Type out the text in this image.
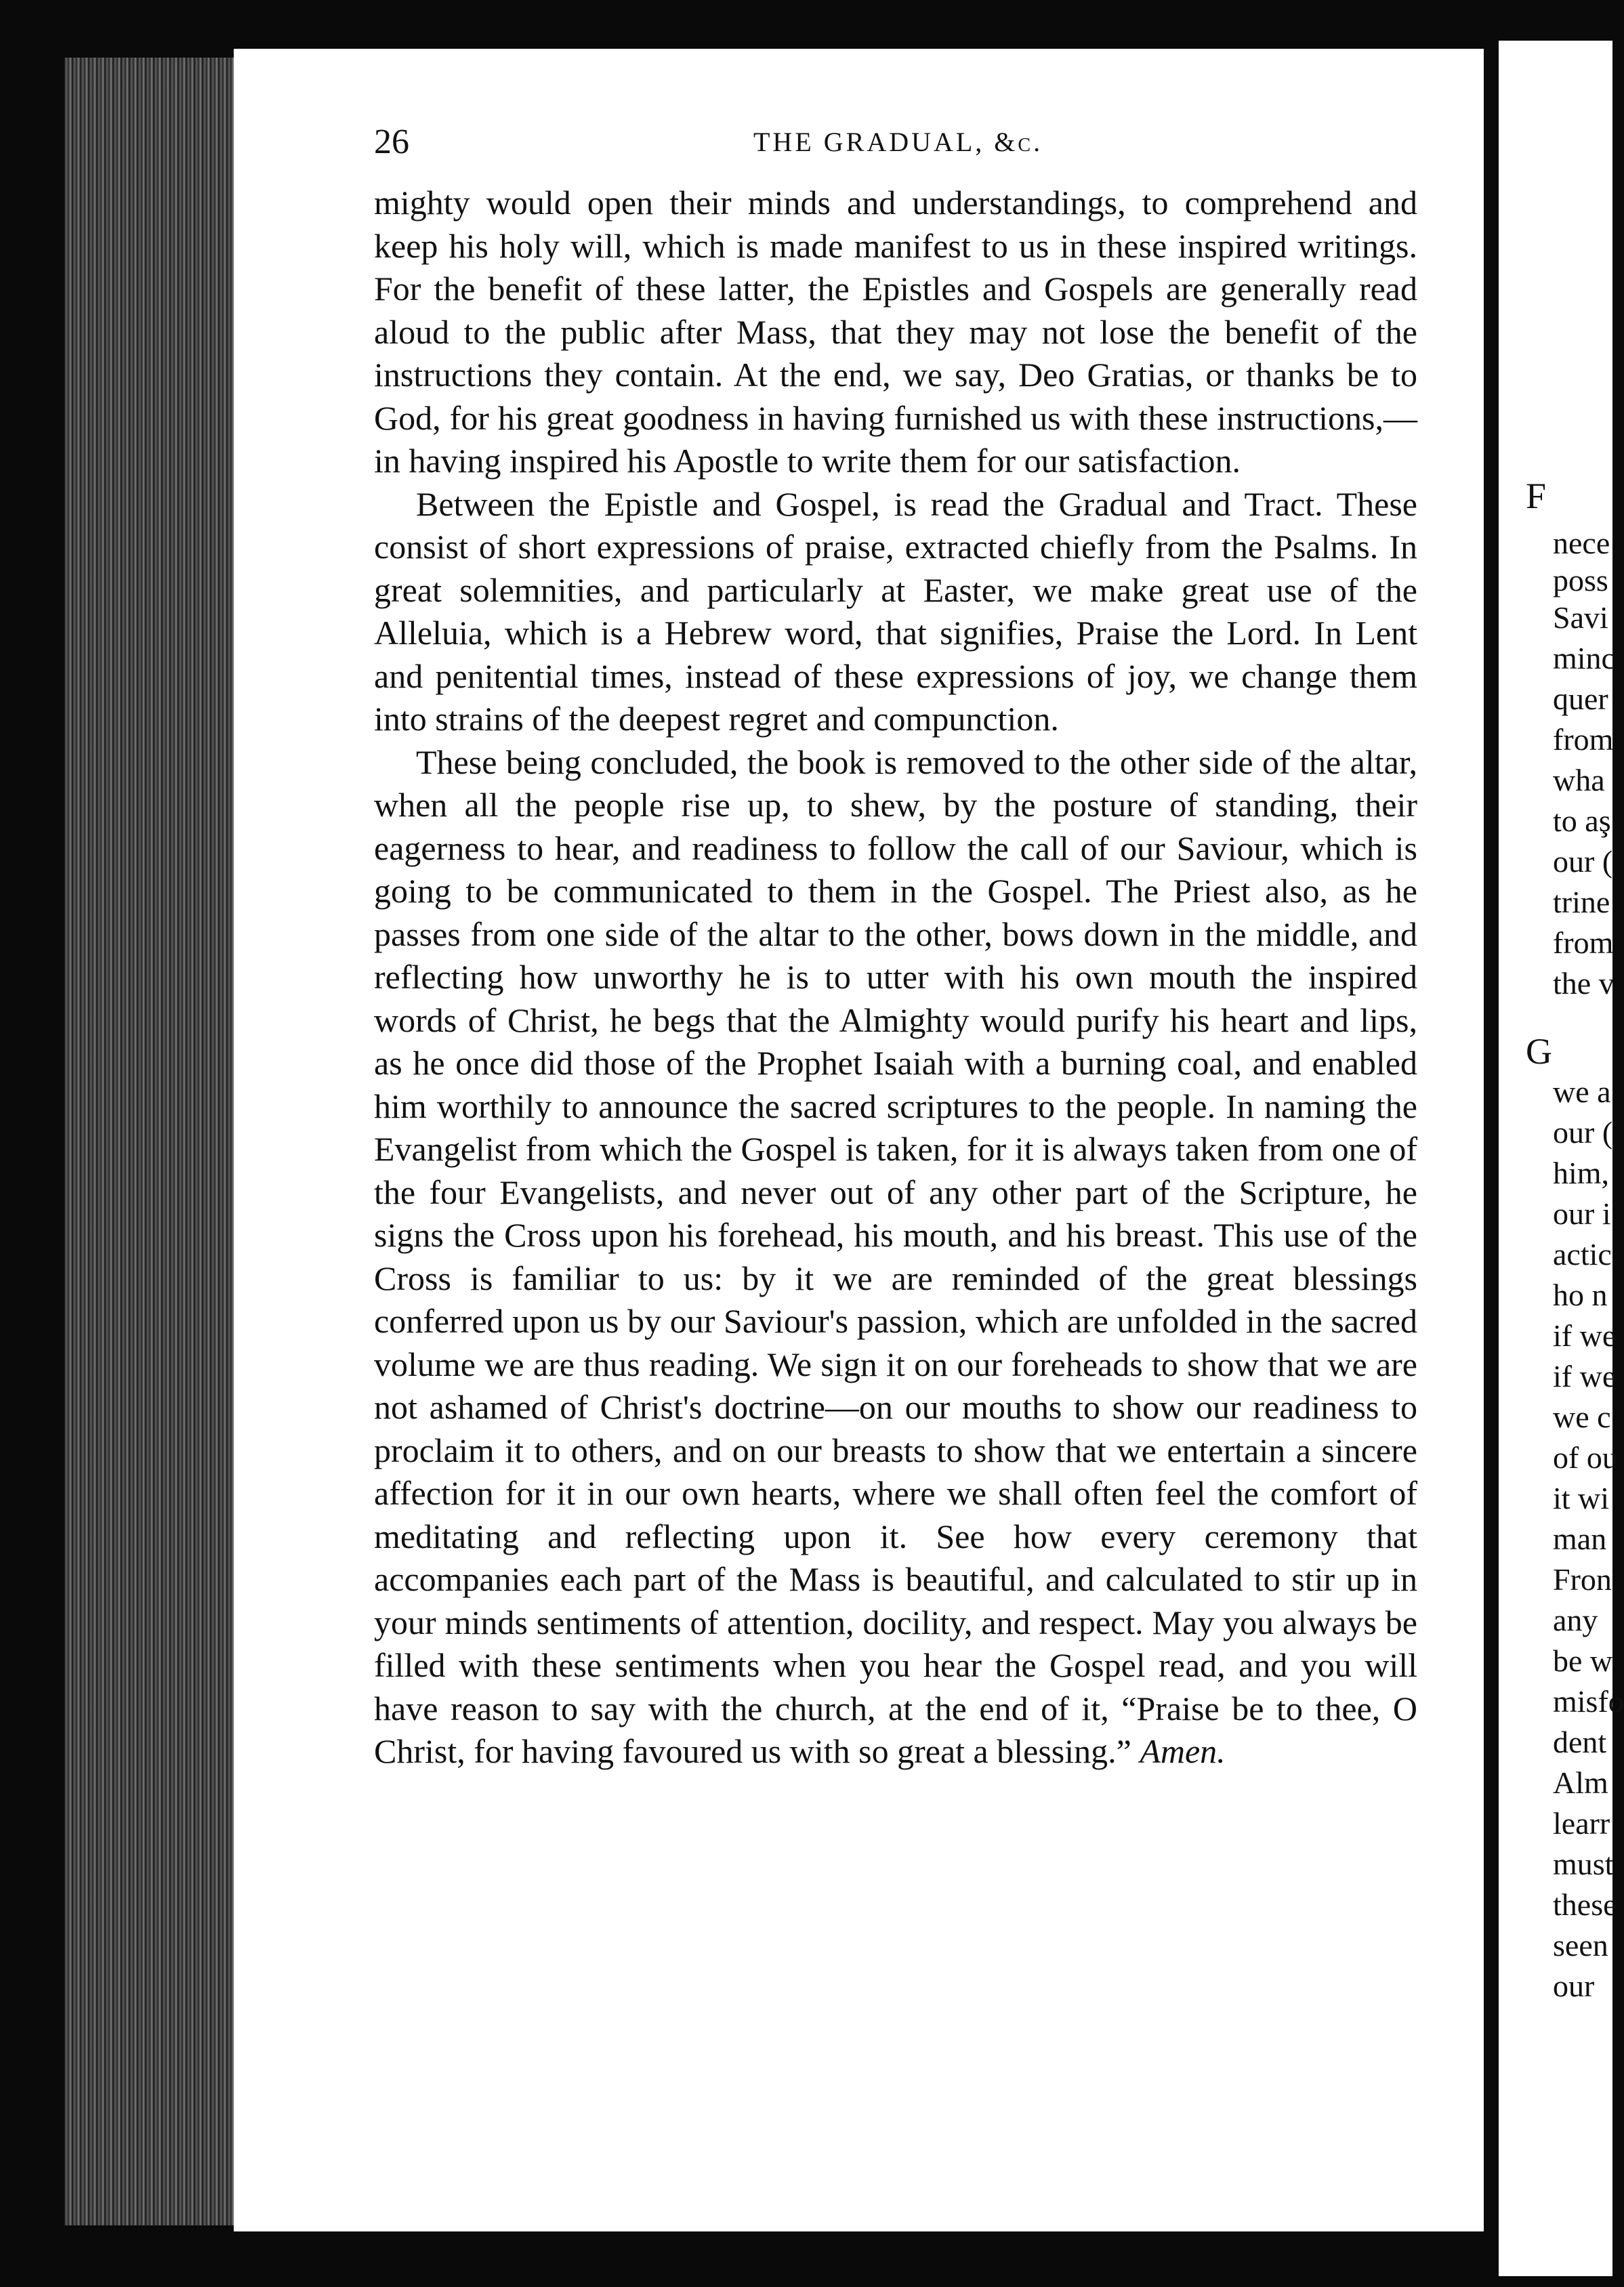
26	THE GRADUAL, &c.

mighty would open their minds and understandings, to comprehend and keep his holy will, which is made manifest to us in these inspired writings. For the benefit of these latter, the Epistles and Gospels are generally read aloud to the public after Mass, that they may not lose the benefit of the instructions they contain. At the end, we say, Deo Gratias, or thanks be to God, for his great goodness in having furnished us with these instructions,—in having inspired his Apostle to write them for our satisfaction.

Between the Epistle and Gospel, is read the Gradual and Tract. These consist of short expressions of praise, extracted chiefly from the Psalms. In great solemnities, and particularly at Easter, we make great use of the Alleluia, which is a Hebrew word, that signifies, Praise the Lord. In Lent and penitential times, instead of these expressions of joy, we change them into strains of the deepest regret and compunction.

These being concluded, the book is removed to the other side of the altar, when all the people rise up, to shew, by the posture of standing, their eagerness to hear, and readiness to follow the call of our Saviour, which is going to be communicated to them in the Gospel. The Priest also, as he passes from one side of the altar to the other, bows down in the middle, and reflecting how unworthy he is to utter with his own mouth the inspired words of Christ, he begs that the Almighty would purify his heart and lips, as he once did those of the Prophet Isaiah with a burning coal, and enabled him worthily to announce the sacred scriptures to the people. In naming the Evangelist from which the Gospel is taken, for it is always taken from one of the four Evangelists, and never out of any other part of the Scripture, he signs the Cross upon his forehead, his mouth, and his breast. This use of the Cross is familiar to us: by it we are reminded of the great blessings conferred upon us by our Saviour's passion, which are unfolded in the sacred volume we are thus reading. We sign it on our foreheads to show that we are not ashamed of Christ's doctrine—on our mouths to show our readiness to proclaim it to others, and on our breasts to show that we entertain a sincere affection for it in our own hearts, where we shall often feel the comfort of meditating and reflecting upon it. See how every ceremony that accompanies each part of the Mass is beautiful, and calculated to stir up in your minds sentiments of attention, docility, and respect. May you always be filled with these sentiments when you hear the Gospel read, and you will have reason to say with the church, at the end of it, “Praise be to thee, O Christ, for having favoured us with so great a blessing.” Amen.

F
nece
poss
Savi
minc
quer
from
wha
to aş
our (
trine
from
the v
G
we a
our (
him,
our i
actic
ho n
if we
if we
we c
of ou
it wi
man
Fron
any
be w
misfo
dent
Alm
learr
must
these
seen
our
